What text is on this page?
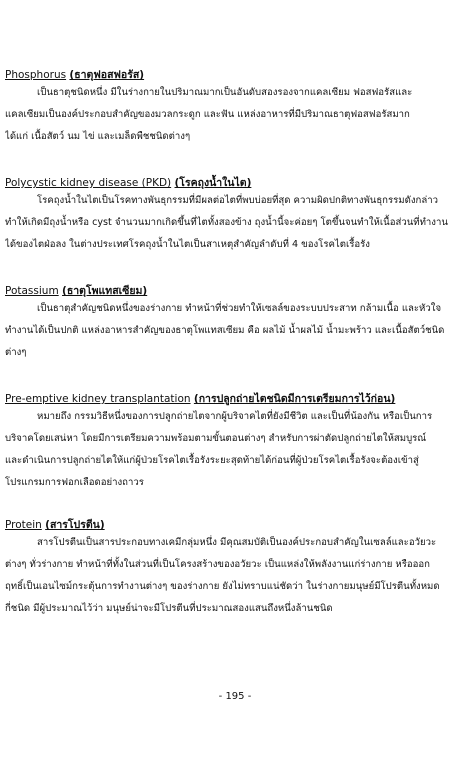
Phosphorus (ธาตุฟอสฟอรัส)
เป็นธาตุชนิดหนึ่ง มีในร่างกายในปริมาณมากเป็นอันดับสองรองจากแคลเซียม ฟอสฟอรัสและ
แคลเซียมเป็นองค์ประกอบสำคัญของมวลกระดูก และฟัน แหล่งอาหารที่มีปริมาณธาตุฟอสฟอรัสมาก
ได้แก่ เนื้อสัตว์ นม ไข่ และเมล็ดพืชชนิดต่างๆ
Polycystic kidney disease (PKD) (โรคถุงน้ำในไต)
โรคถุงน้ำในไตเป็นโรคทางพันธุกรรมที่มีผลต่อไตที่พบบ่อยที่สุด ความผิดปกติทางพันธุกรรมดังกล่าว
ทำให้เกิดมีถุงน้ำหรือ cyst จำนวนมากเกิดขึ้นที่ไตทั้งสองข้าง ถุงน้ำนี้จะค่อยๆ โตขึ้นจนทำให้เนื้อส่วนที่ทำงาน
ได้ของไตฝ่อลง ในต่างประเทศโรคถุงน้ำในไตเป็นสาเหตุสำคัญลำดับที่ 4 ของโรคไตเรื้อรัง
Potassium (ธาตุโพแทสเซียม)
เป็นธาตุสำคัญชนิดหนึ่งของร่างกาย ทำหน้าที่ช่วยทำให้เซลล์ของระบบประสาท กล้ามเนื้อ และหัวใจ
ทำงานได้เป็นปกติ แหล่งอาหารสำคัญของธาตุโพแทสเซียม คือ ผลไม้ น้ำผลไม้ น้ำมะพร้าว และเนื้อสัตว์ชนิด
ต่างๆ
Pre-emptive kidney transplantation (การปลูกถ่ายไตชนิดมีการเตรียมการไว้ก่อน)
หมายถึง กรรมวิธีหนึ่งของการปลูกถ่ายไตจากผู้บริจาคไตที่ยังมีชีวิต และเป็นที่น้องกัน หรือเป็นการ
บริจาคโดยเสน่หา โดยมีการเตรียมความพร้อมตามขั้นตอนต่างๆ สำหรับการผ่าตัดปลูกถ่ายไตให้สมบูรณ์
และดำเนินการปลูกถ่ายไตให้แก่ผู้ป่วยโรคไตเรื้อรังระยะสุดท้ายได้ก่อนที่ผู้ป่วยโรคไตเรื้อรังจะต้องเข้าสู่
โปรแกรมการฟอกเลือดอย่างถาวร
Protein (สารโปรตีน)
สารโปรตีนเป็นสารประกอบทางเคมีกลุ่มหนึ่ง มีคุณสมบัติเป็นองค์ประกอบสำคัญในเซลล์และอวัยวะ
ต่างๆ ทั่วร่างกาย ทำหน้าที่ทั้งในส่วนที่เป็นโครงสร้างของอวัยวะ เป็นแหล่งให้พลังงานแก่ร่างกาย หรือออก
ฤทธิ์เป็นเอนไซม์กระตุ้นการทำงานต่างๆ ของร่างกาย ยังไม่ทราบแน่ชัดว่า ในร่างกายมนุษย์มีโปรตีนทั้งหมด
กี่ชนิด มีผู้ประมาณไว้ว่า มนุษย์น่าจะมีโปรตีนที่ประมาณสองแสนถึงหนึ่งล้านชนิด
- 195 -
